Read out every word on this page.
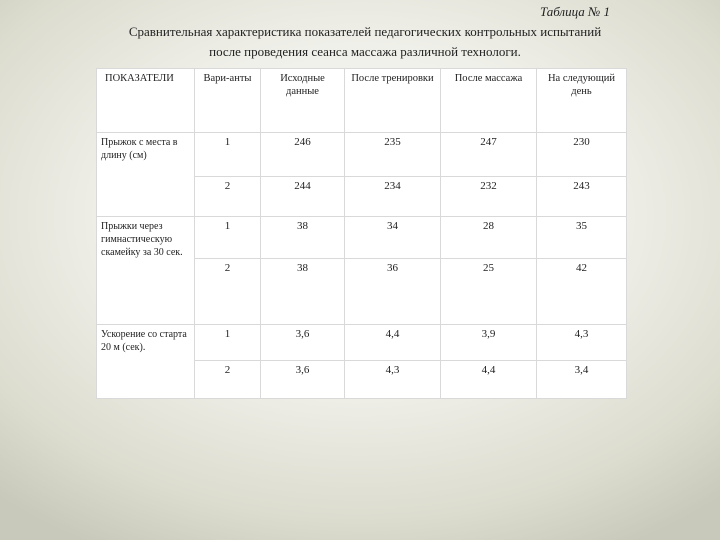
Таблица № 1
Сравнительная характеристика показателей педагогических контрольных испытаний
после проведения сеанса массажа различной технологи.
ПОКАЗАТЕЛИ	Вари-анты	Исходные данные	После тренировки	После массажа	На следующий день
Прыжок с места в длину (см)	1	246	235	247	230
	2	244	234	232	243
Прыжки через гимнастическую скамейку за 30 сек.	1	38	34	28	35
	2	38	36	25	42
Ускорение со старта 20 м (сек).	1	3,6	4,4	3,9	4,3
	2	3,6	4,3	4,4	3,4
